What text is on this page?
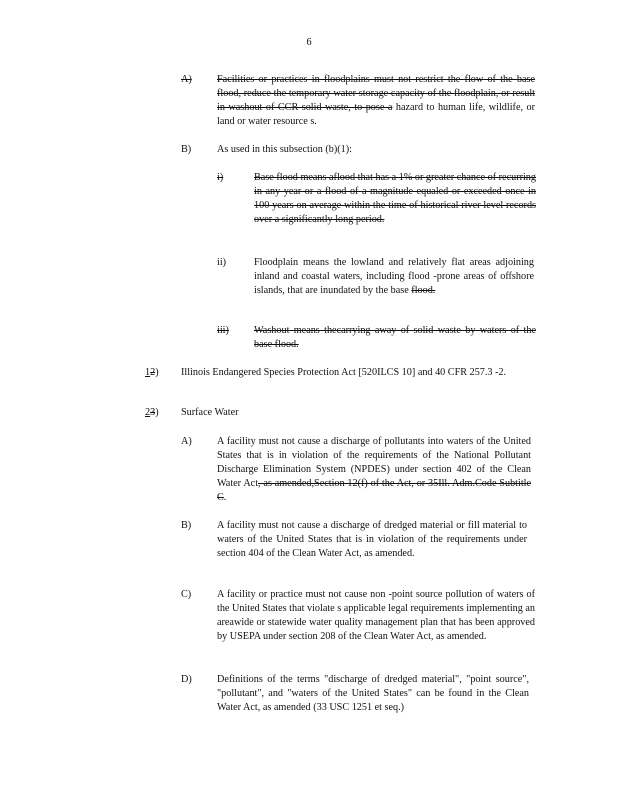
6
A) Facilities or practices in floodplains must not restrict the flow of the base flood, reduce the temporary water storage capacity of the floodplain, or result in washout of CCR solid waste, to pose a hazard to human life, wildlife, or land or water resource s.
B)	As used in this subsection (b)(1):
i)	Base flood means aflood that has a 1% or greater chance of recurring in any year or a flood of a magnitude equaled or exceeded once in 100 years on average within the time of historical river level records over a significantly long period.
ii)	Floodplain means the lowland and relatively flat areas adjoining inland and coastal waters, including flood -prone areas of offshore islands, that are inundated by the base flood.
iii) Washout means thecarrying away of solid waste by waters of the base flood.
12) Illinois Endangered Species Protection Act [520ILCS 10] and 40 CFR 257.3 -2.
23) Surface Water
A) A facility must not cause a discharge of pollutants into waters of the United States that is in violation of the requirements of the National Pollutant Discharge Elimination System (NPDES) under section 402 of the Clean Water Act, as amended,Section 12(f) of the Act, or 35Ill. Adm.Code Subtitle C.
B)	A facility must not cause a discharge of dredged material or fill material to waters of the United States that is in violation of the requirements under section 404 of the Clean Water Act, as amended.
C)	A facility or practice must not cause non -point source pollution of waters of the United States that violate s applicable legal requirements implementing an areawide or statewide water quality management plan that has been approved by USEPA under section 208 of the Clean Water Act, as amended.
D) Definitions of the terms "discharge of dredged material", "point source", "pollutant", and "waters of the United States" can be found in the Clean Water Act, as amended (33 USC 1251 et seq.)
